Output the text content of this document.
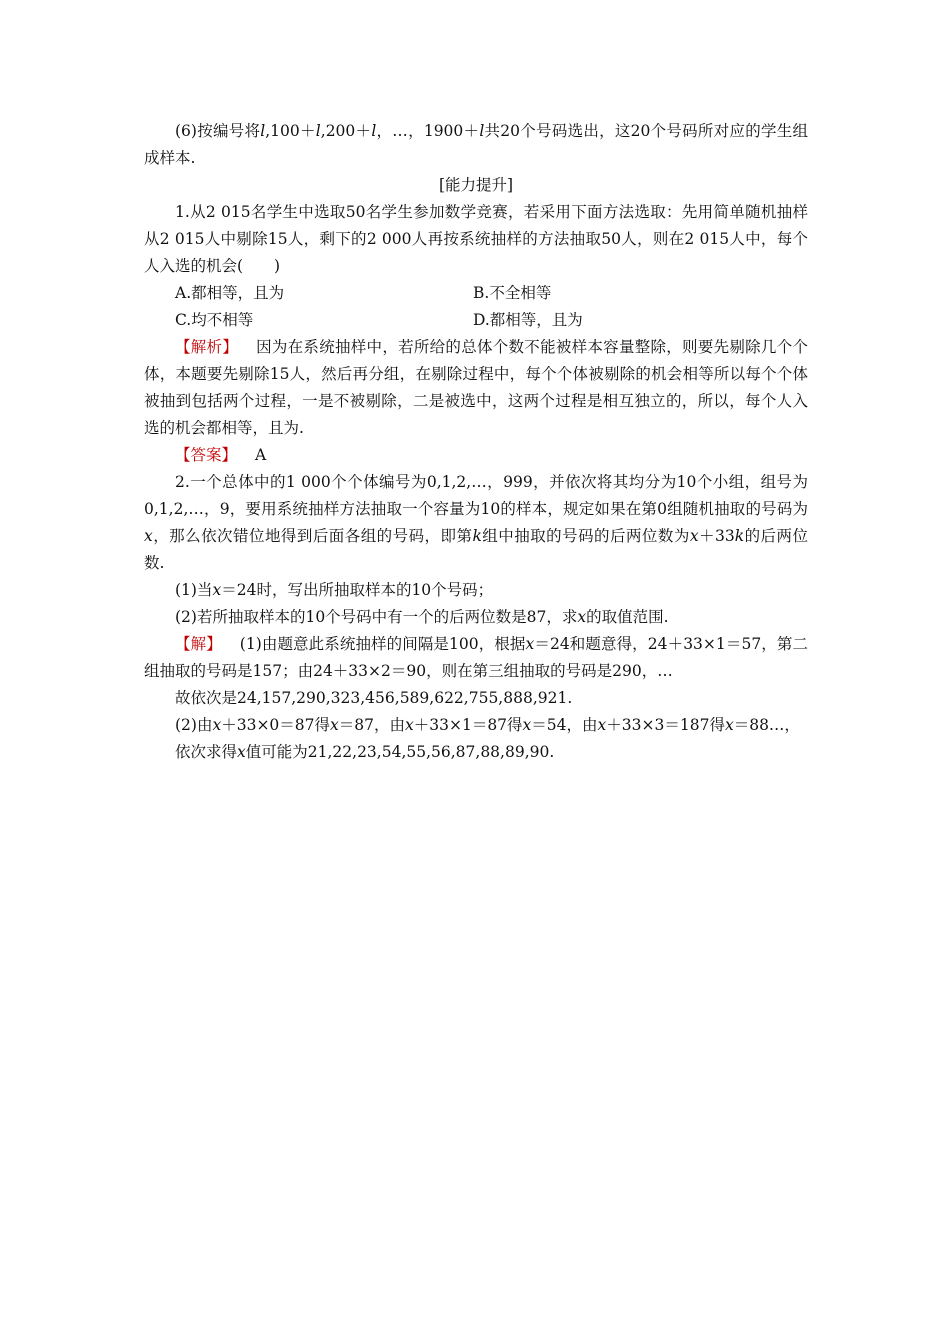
(6)按编号将l,100＋l,200＋l，…，1900＋l共20个号码选出，这20个号码所对应的学生组成样本.

[能力提升]

1.从2 015名学生中选取50名学生参加数学竞赛，若采用下面方法选取：先用简单随机抽样从2 015人中剔除15人，剩下的2 000人再按系统抽样的方法抽取50人，则在2 015人中，每个人入选的机会(　　)

A.都相等，且为	B.不全相等
C.均不相等	D.都相等，且为

【解析】 因为在系统抽样中，若所给的总体个数不能被样本容量整除，则要先剔除几个个体，本题要先剔除15人，然后再分组，在剔除过程中，每个个体被剔除的机会相等所以每个个体被抽到包括两个过程，一是不被剔除，二是被选中，这两个过程是相互独立的，所以，每个人入选的机会都相等，且为.

【答案】 A

2.一个总体中的1 000个个体编号为0,1,2,…，999，并依次将其均分为10个小组，组号为0,1,2,…，9，要用系统抽样方法抽取一个容量为10的样本，规定如果在第0组随机抽取的号码为x，那么依次错位地得到后面各组的号码，即第k组中抽取的号码的后两位数为x＋33k的后两位数.

(1)当x＝24时，写出所抽取样本的10个号码；

(2)若所抽取样本的10个号码中有一个的后两位数是87，求x的取值范围.

【解】 (1)由题意此系统抽样的间隔是100，根据x＝24和题意得，24＋33×1＝57，第二组抽取的号码是157；由24＋33×2＝90，则在第三组抽取的号码是290，…

故依次是24,157,290,323,456,589,622,755,888,921.

(2)由x＋33×0＝87得x＝87，由x＋33×1＝87得x＝54，由x＋33×3＝187得x＝88…，

依次求得x值可能为21,22,23,54,55,56,87,88,89,90.
